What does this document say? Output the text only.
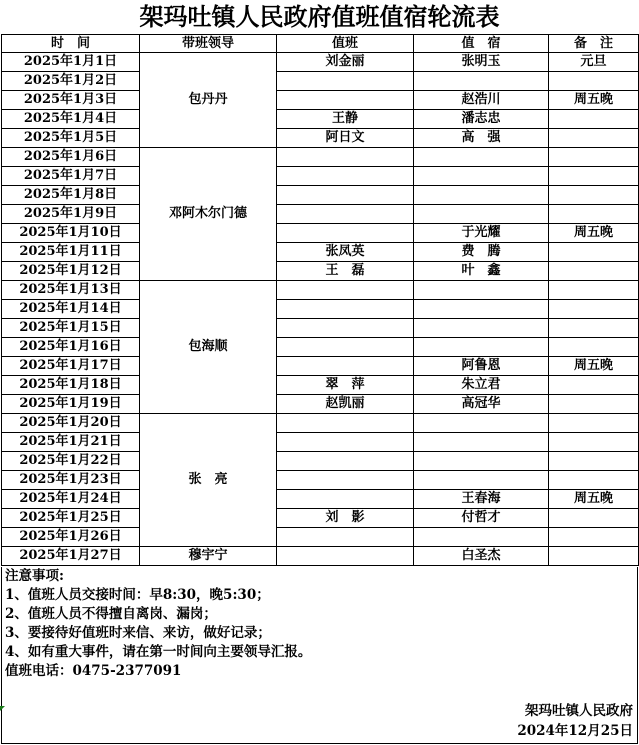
架玛吐镇人民政府值班值宿轮流表
时　间	带班领导	值班	值　宿	备　注
2025年1月1日	包丹丹	刘金丽	张明玉	元旦
2025年1月2日				
2025年1月3日			赵浩川	周五晚
2025年1月4日		王静	潘志忠	
2025年1月5日		阿日文	高　强	
2025年1月6日	邓阿木尔门德			
2025年1月7日				
2025年1月8日				
2025年1月9日				
2025年1月10日			于光耀	周五晚
2025年1月11日		张凤英	费　腾	
2025年1月12日		王　磊	叶　鑫	
2025年1月13日	包海顺			
2025年1月14日				
2025年1月15日				
2025年1月16日				
2025年1月17日			阿鲁恩	周五晚
2025年1月18日		翠　萍	朱立君	
2025年1月19日		赵凯丽	高冠华	
2025年1月20日	张　亮			
2025年1月21日				
2025年1月22日				
2025年1月23日				
2025年1月24日			王春海	周五晚
2025年1月25日		刘　影	付哲才	
2025年1月26日				
2025年1月27日	穆宇宁		白圣杰	
注意事项:
1、值班人员交接时间：早8:30，晚5:30；
2、值班人员不得擅自离岗、漏岗；
3、要接待好值班时来信、来访，做好记录；
4、如有重大事件，请在第一时间向主要领导汇报。
值班电话：0475-2377091
架玛吐镇人民政府
2024年12月25日
